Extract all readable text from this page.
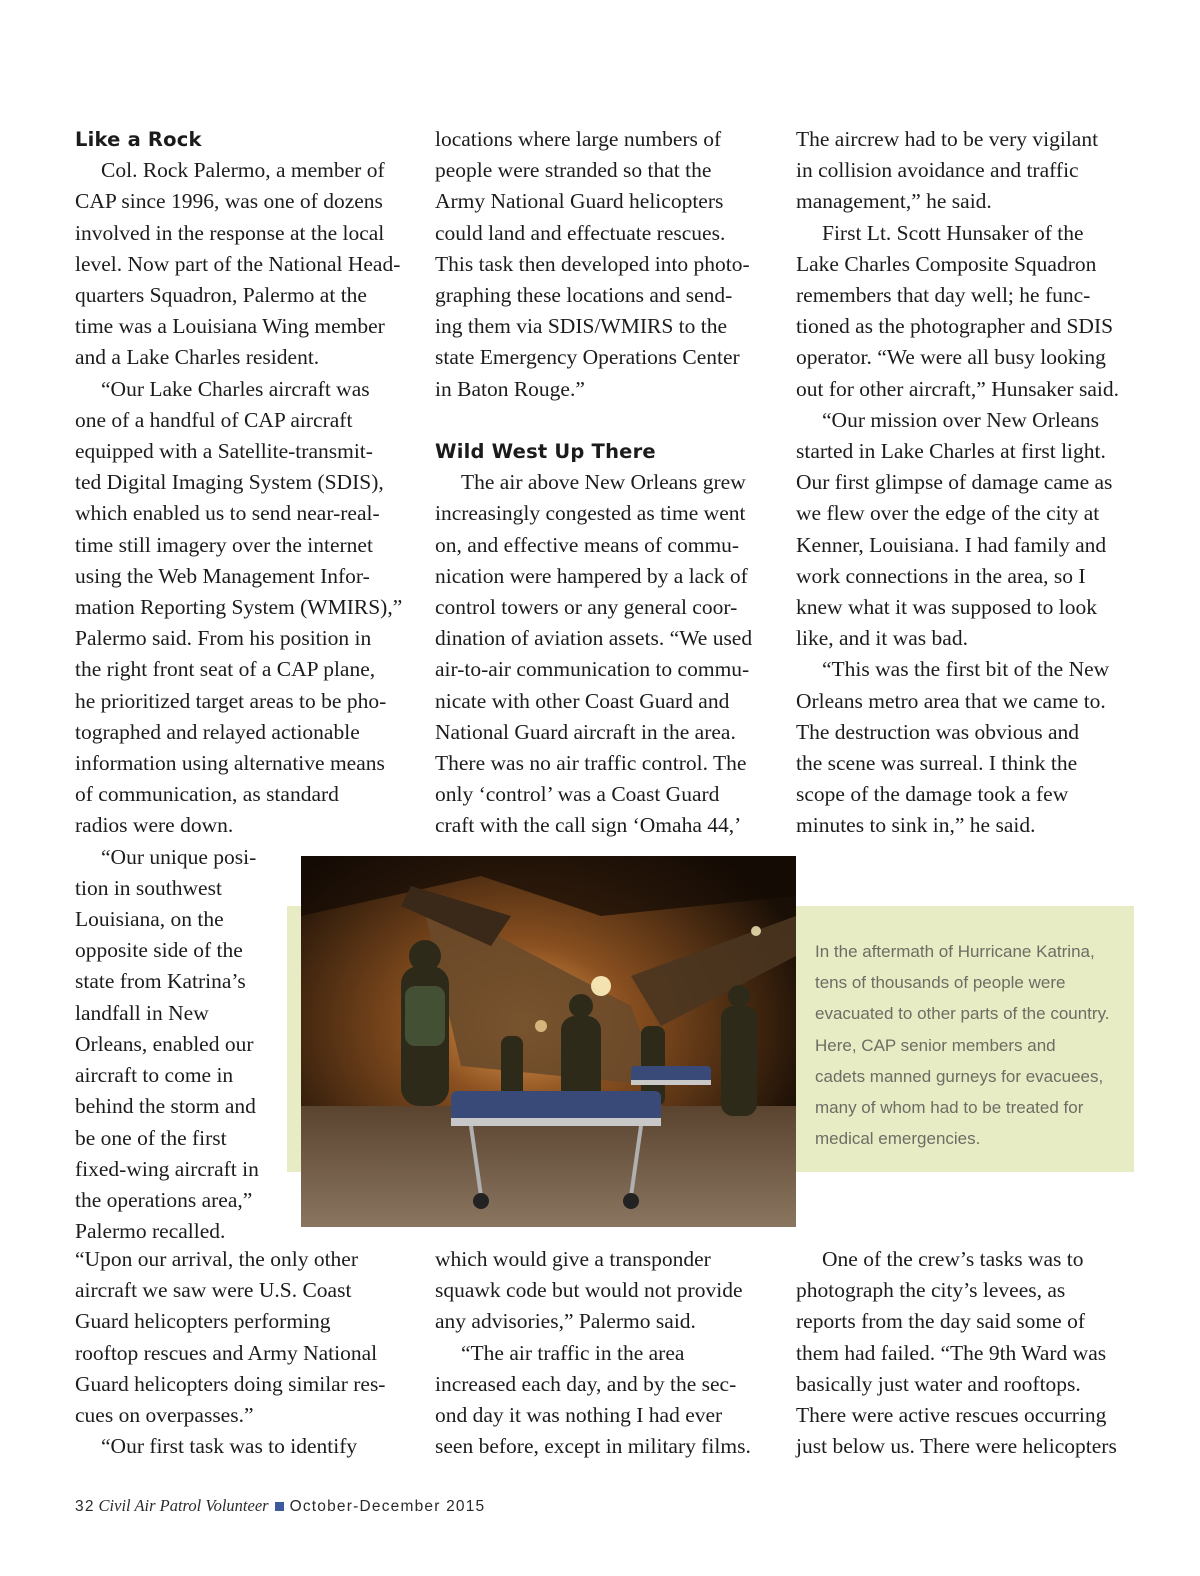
Like a Rock

Col. Rock Palermo, a member of

CAP since 1996, was one of dozens

involved in the response at the local

level. Now part of the National Head-

quarters Squadron, Palermo at the

time was a Louisiana Wing member

and a Lake Charles resident.

“Our Lake Charles aircraft was

one of a handful of CAP aircraft

equipped with a Satellite-transmit-

ted Digital Imaging System (SDIS),

which enabled us to send near-real-

time still imagery over the internet

using the Web Management Infor-

mation Reporting System (WMIRS),”

Palermo said. From his position in

the right front seat of a CAP plane,

he prioritized target areas to be pho-

tographed and relayed actionable

information using alternative means

of communication, as standard

radios were down.

“Our unique posi-

tion in southwest

Louisiana, on the

opposite side of the

state from Katrina’s

landfall in New

Orleans, enabled our

aircraft to come in

behind the storm and

be one of the first

fixed-wing aircraft in

the operations area,”

Palermo recalled.

locations where large numbers of

people were stranded so that the

Army National Guard helicopters

could land and effectuate rescues.

This task then developed into photo-

graphing these locations and send-

ing them via SDIS/WMIRS to the

state Emergency Operations Center

in Baton Rouge.”

Wild West Up There

The air above New Orleans grew

increasingly congested as time went

on, and effective means of commu-

nication were hampered by a lack of

control towers or any general coor-

dination of aviation assets. “We used

air-to-air communication to commu-

nicate with other Coast Guard and

National Guard aircraft in the area.

There was no air traffic control. The

only ‘control’ was a Coast Guard

craft with the call sign ‘Omaha 44,’

The aircrew had to be very vigilant

in collision avoidance and traffic

management,” he said.

First Lt. Scott Hunsaker of the

Lake Charles Composite Squadron

remembers that day well; he func-

tioned as the photographer and SDIS

operator. “We were all busy looking

out for other aircraft,” Hunsaker said.

“Our mission over New Orleans

started in Lake Charles at first light.

Our first glimpse of damage came as

we flew over the edge of the city at

Kenner, Louisiana. I had family and

work connections in the area, so I

knew what it was supposed to look

like, and it was bad.

“This was the first bit of the New

Orleans metro area that we came to.

The destruction was obvious and

the scene was surreal. I think the

scope of the damage took a few

minutes to sink in,” he said.

In the aftermath of Hurricane Katrina,

tens of thousands of people were

evacuated to other parts of the country.

Here, CAP senior members and

cadets manned gurneys for evacuees,

many of whom had to be treated for

medical emergencies.

“Upon our arrival, the only other

aircraft we saw were U.S. Coast

Guard helicopters performing

rooftop rescues and Army National

Guard helicopters doing similar res-

cues on overpasses.”

“Our first task was to identify

which would give a transponder

squawk code but would not provide

any advisories,” Palermo said.

“The air traffic in the area

increased each day, and by the sec-

ond day it was nothing I had ever

seen before, except in military films.

One of the crew’s tasks was to

photograph the city’s levees, as

reports from the day said some of

them had failed. “The 9th Ward was

basically just water and rooftops.

There were active rescues occurring

just below us. There were helicopters

32 Civil Air Patrol Volunteer October-December 2015
